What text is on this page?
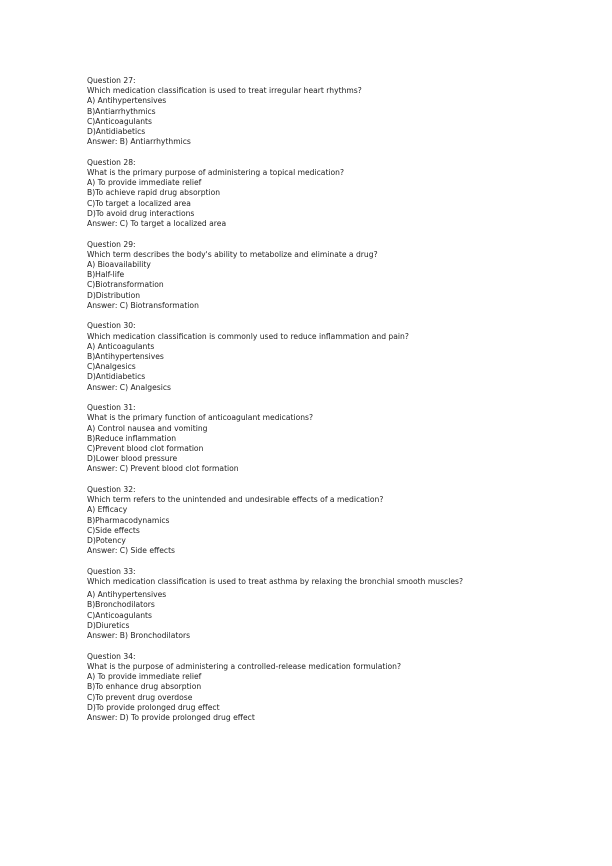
Question 27:
Which medication classification is used to treat irregular heart rhythms?
A) Antihypertensives
B)Antiarrhythmics
C)Anticoagulants
D)Antidiabetics
Answer: B) Antiarrhythmics
Question 28:
What is the primary purpose of administering a topical medication?
A) To provide immediate relief
B)To achieve rapid drug absorption
C)To target a localized area
D)To avoid drug interactions
Answer: C) To target a localized area
Question 29:
Which term describes the body's ability to metabolize and eliminate a drug?
A) Bioavailability
B)Half-life
C)Biotransformation
D)Distribution
Answer: C) Biotransformation
Question 30:
Which medication classification is commonly used to reduce inflammation and pain?
A) Anticoagulants
B)Antihypertensives
C)Analgesics
D)Antidiabetics
Answer: C) Analgesics
Question 31:
What is the primary function of anticoagulant medications?
A) Control nausea and vomiting
B)Reduce inflammation
C)Prevent blood clot formation
D)Lower blood pressure
Answer: C) Prevent blood clot formation
Question 32:
Which term refers to the unintended and undesirable effects of a medication?
A) Efficacy
B)Pharmacodynamics
C)Side effects
D)Potency
Answer: C) Side effects
Question 33:
Which medication classification is used to treat asthma by relaxing the bronchial smooth muscles?
A) Antihypertensives
B)Bronchodilators
C)Anticoagulants
D)Diuretics
Answer: B) Bronchodilators
Question 34:
What is the purpose of administering a controlled-release medication formulation?
A) To provide immediate relief
B)To enhance drug absorption
C)To prevent drug overdose
D)To provide prolonged drug effect
Answer: D) To provide prolonged drug effect
